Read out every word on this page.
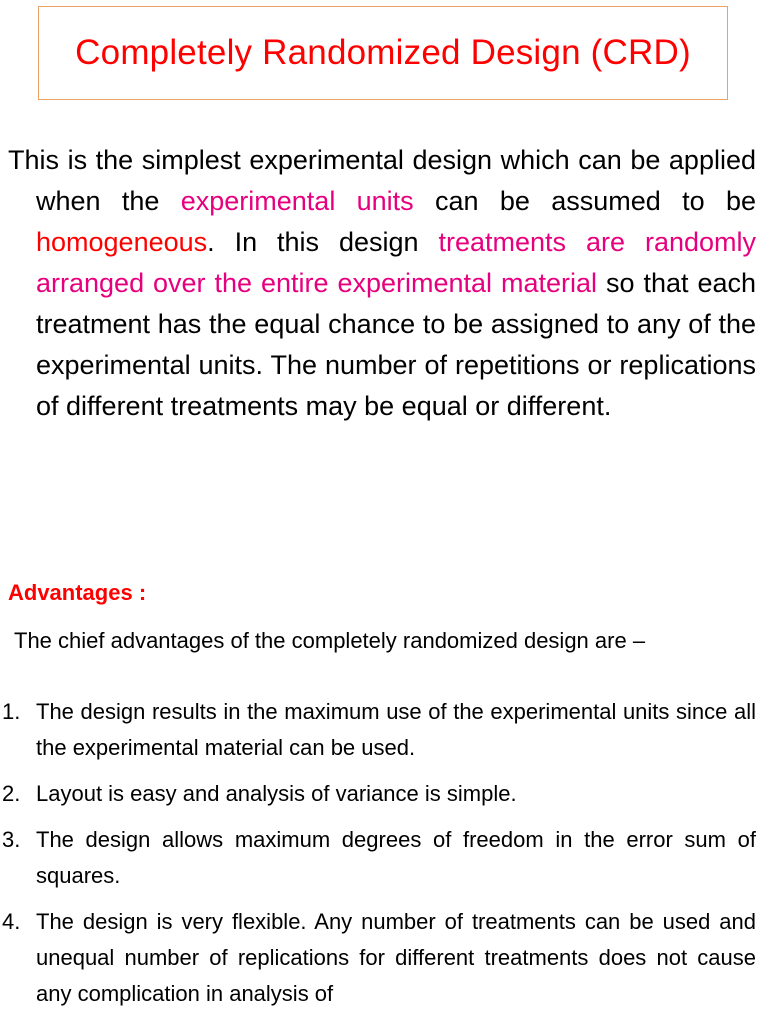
Completely Randomized Design (CRD)

This is the simplest experimental design which can be applied when the experimental units can be assumed to be homogeneous. In this design treatments are randomly arranged over the entire experimental material so that each treatment has the equal chance to be assigned to any of the experimental units. The number of repetitions or replications of different treatments may be equal or different.

Advantages :

The chief advantages of the completely randomized design are –

1. The design results in the maximum use of the experimental units since all the experimental material can be used.
2. Layout is easy and analysis of variance is simple.
3. The design allows maximum degrees of freedom in the error sum of squares.
4. The design is very flexible. Any number of treatments can be used and unequal number of replications for different treatments does not cause any complication in analysis of
